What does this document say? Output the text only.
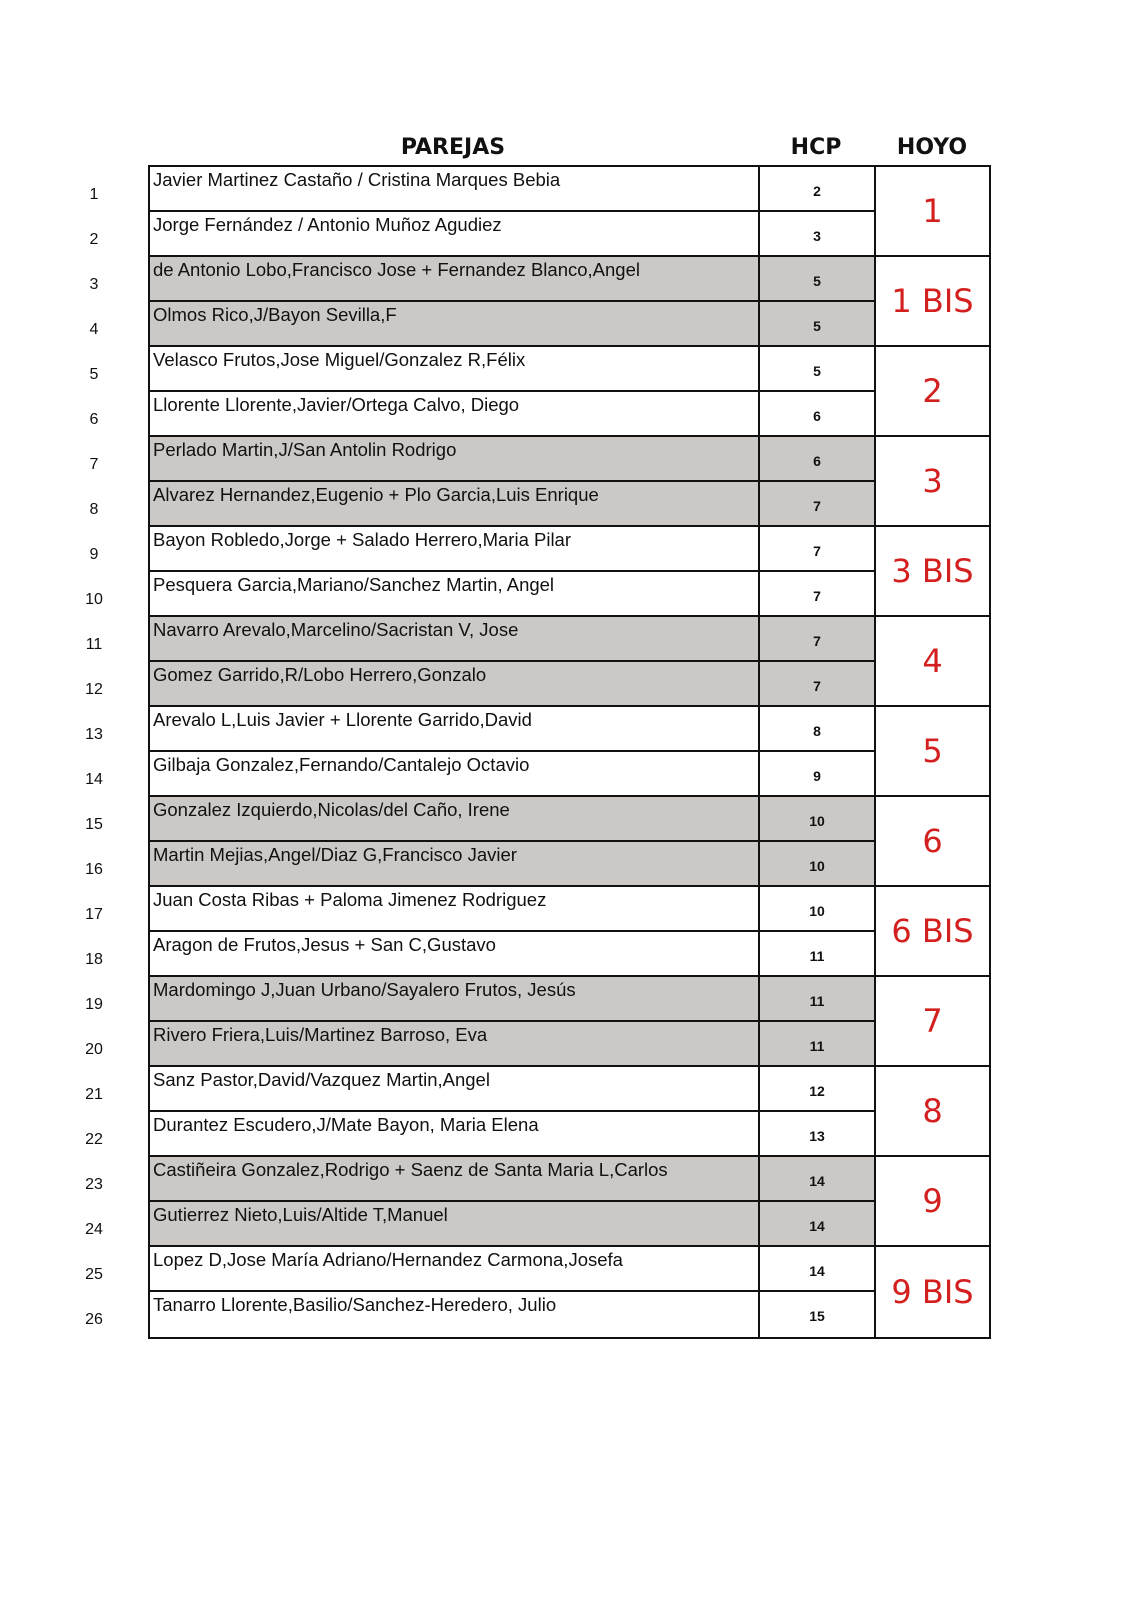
PAREJAS	HCP	HOYO
1
2
3
4
5
6
7
8
9
10
11
12
13
14
15
16
17
18
19
20
21
22
23
24
25
26
Javier Martinez Castaño / Cristina Marques Bebia
2
Jorge Fernández / Antonio Muñoz Agudiez
3
de Antonio Lobo,Francisco Jose + Fernandez Blanco,Angel
5
Olmos Rico,J/Bayon Sevilla,F
5
Velasco Frutos,Jose Miguel/Gonzalez R,Félix
5
Llorente Llorente,Javier/Ortega Calvo, Diego
6
Perlado Martin,J/San Antolin Rodrigo
6
Alvarez Hernandez,Eugenio + Plo Garcia,Luis Enrique
7
Bayon Robledo,Jorge + Salado Herrero,Maria Pilar
7
Pesquera Garcia,Mariano/Sanchez Martin, Angel
7
Navarro Arevalo,Marcelino/Sacristan V, Jose
7
Gomez Garrido,R/Lobo Herrero,Gonzalo
7
Arevalo L,Luis Javier + Llorente Garrido,David
8
Gilbaja Gonzalez,Fernando/Cantalejo Octavio
9
Gonzalez Izquierdo,Nicolas/del Caño, Irene
10
Martin Mejias,Angel/Diaz G,Francisco Javier
10
Juan Costa Ribas + Paloma Jimenez Rodriguez
10
Aragon de Frutos,Jesus + San C,Gustavo
11
Mardomingo J,Juan Urbano/Sayalero Frutos, Jesús
11
Rivero Friera,Luis/Martinez Barroso, Eva
11
Sanz Pastor,David/Vazquez Martin,Angel
12
Durantez Escudero,J/Mate Bayon, Maria Elena
13
Castiñeira Gonzalez,Rodrigo + Saenz de Santa Maria L,Carlos
14
Gutierrez Nieto,Luis/Altide T,Manuel
14
Lopez D,Jose María Adriano/Hernandez Carmona,Josefa
14
Tanarro Llorente,Basilio/Sanchez-Heredero, Julio
15
1
1 BIS
2
3
3 BIS
4
5
6
6 BIS
7
8
9
9 BIS
